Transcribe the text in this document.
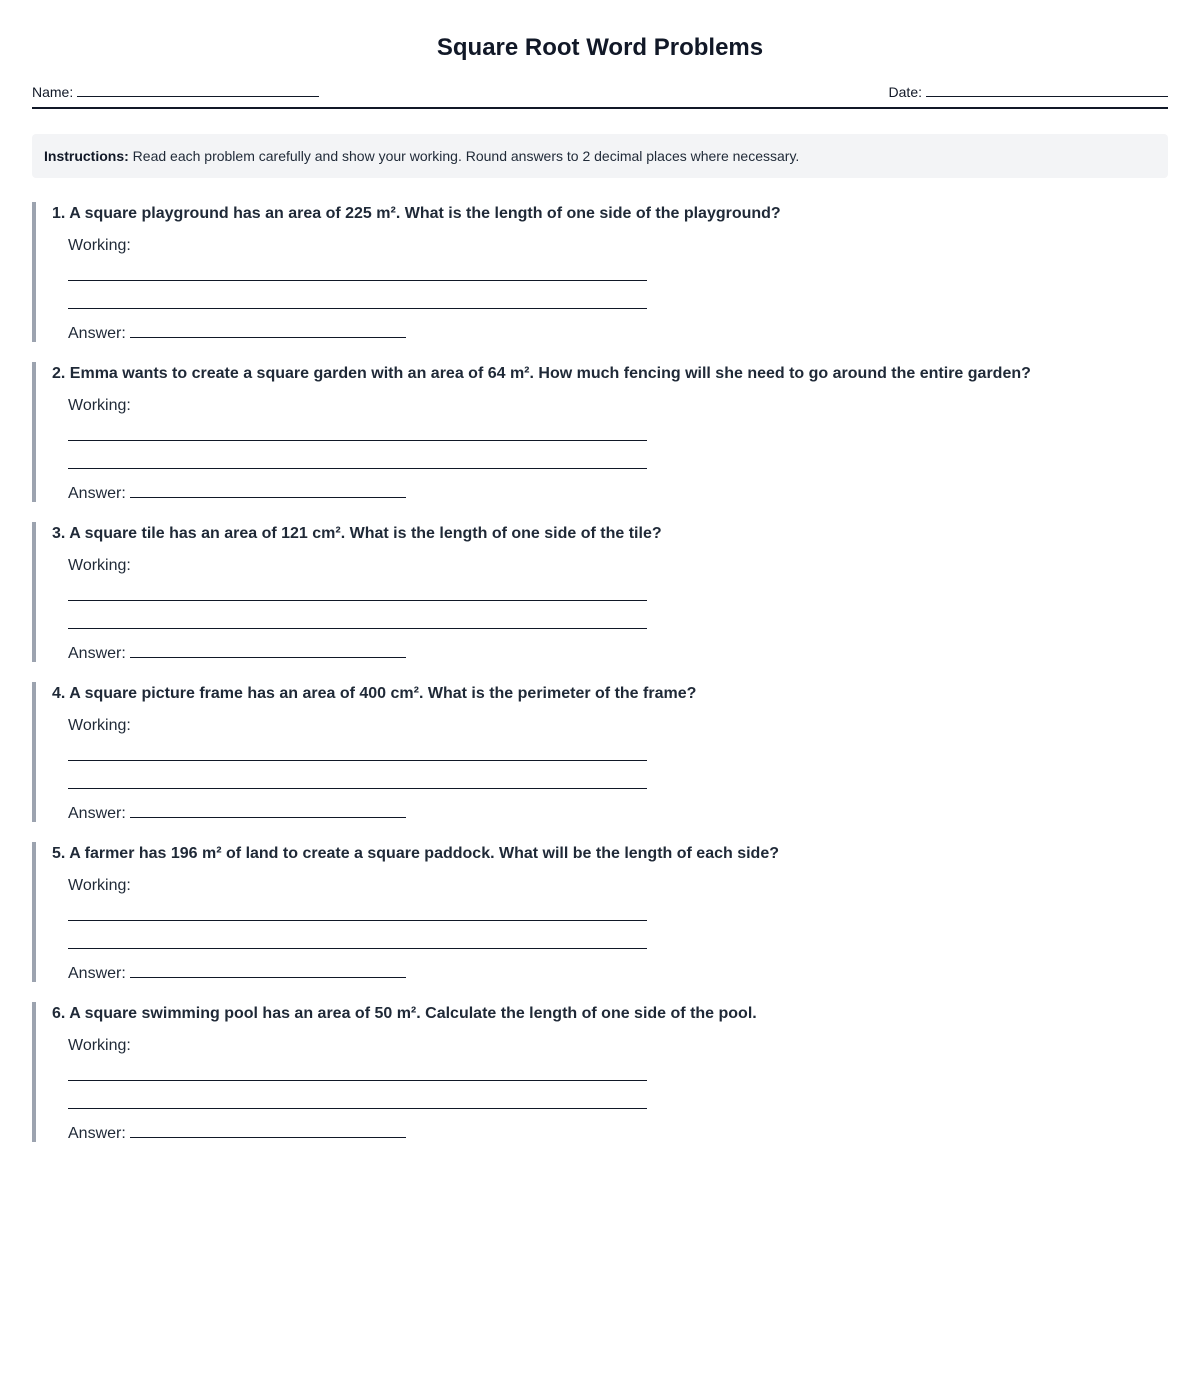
Square Root Word Problems
Name:	Date:
Instructions: Read each problem carefully and show your working. Round answers to 2 decimal places where necessary.
1. A square playground has an area of 225 m². What is the length of one side of the playground?
Working:
Answer:
2. Emma wants to create a square garden with an area of 64 m². How much fencing will she need to go around the entire garden?
Working:
Answer:
3. A square tile has an area of 121 cm². What is the length of one side of the tile?
Working:
Answer:
4. A square picture frame has an area of 400 cm². What is the perimeter of the frame?
Working:
Answer:
5. A farmer has 196 m² of land to create a square paddock. What will be the length of each side?
Working:
Answer:
6. A square swimming pool has an area of 50 m². Calculate the length of one side of the pool.
Working:
Answer:
